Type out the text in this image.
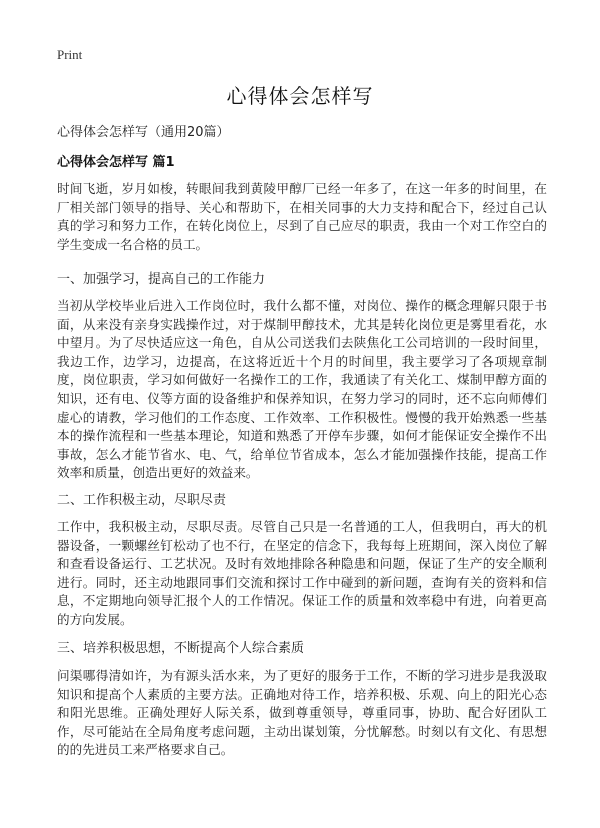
Print
心得体会怎样写
心得体会怎样写（通用20篇）
心得体会怎样写 篇1

时间飞逝，岁月如梭，转眼间我到黄陵甲醇厂已经一年多了，在这一年多的时间里，在厂相关部门领导的指导、关心和帮助下，在相关同事的大力支持和配合下，经过自己认真的学习和努力工作，在转化岗位上，尽到了自己应尽的职责，我由一个对工作空白的学生变成一名合格的员工。

一、加强学习，提高自己的工作能力

当初从学校毕业后进入工作岗位时，我什么都不懂，对岗位、操作的概念理解只限于书面，从来没有亲身实践操作过，对于煤制甲醇技术，尤其是转化岗位更是雾里看花，水中望月。为了尽快适应这一角色，自从公司送我们去陕焦化工公司培训的一段时间里，我边工作，边学习，边提高，在这将近近十个月的时间里，我主要学习了各项规章制度，岗位职责，学习如何做好一名操作工的工作，我通读了有关化工、煤制甲醇方面的知识，还有电、仪等方面的设备维护和保养知识，在努力学习的同时，还不忘向师傅们虚心的请教，学习他们的工作态度、工作效率、工作积极性。慢慢的我开始熟悉一些基本的操作流程和一些基本理论，知道和熟悉了开停车步骤，如何才能保证安全操作不出事故，怎么才能节省水、电、气，给单位节省成本，怎么才能加强操作技能，提高工作效率和质量，创造出更好的效益来。

二、工作积极主动，尽职尽责

工作中，我积极主动，尽职尽责。尽管自己只是一名普通的工人，但我明白，再大的机器设备，一颗螺丝钉松动了也不行，在坚定的信念下，我每每上班期间，深入岗位了解和查看设备运行、工艺状况。及时有效地排除各种隐患和问题，保证了生产的安全顺利进行。同时，还主动地跟同事们交流和探讨工作中碰到的新问题，查询有关的资料和信息，不定期地向领导汇报个人的工作情况。保证工作的质量和效率稳中有进，向着更高的方向发展。

三、培养积极思想，不断提高个人综合素质

问渠哪得清如许，为有源头活水来，为了更好的服务于工作，不断的学习进步是我汲取知识和提高个人素质的主要方法。正确地对待工作，培养积极、乐观、向上的阳光心态和阳光思维。正确处理好人际关系，做到尊重领导，尊重同事，协助、配合好团队工作，尽可能站在全局角度考虑问题，主动出谋划策，分忧解愁。时刻以有文化、有思想的的先进员工来严格要求自己。
